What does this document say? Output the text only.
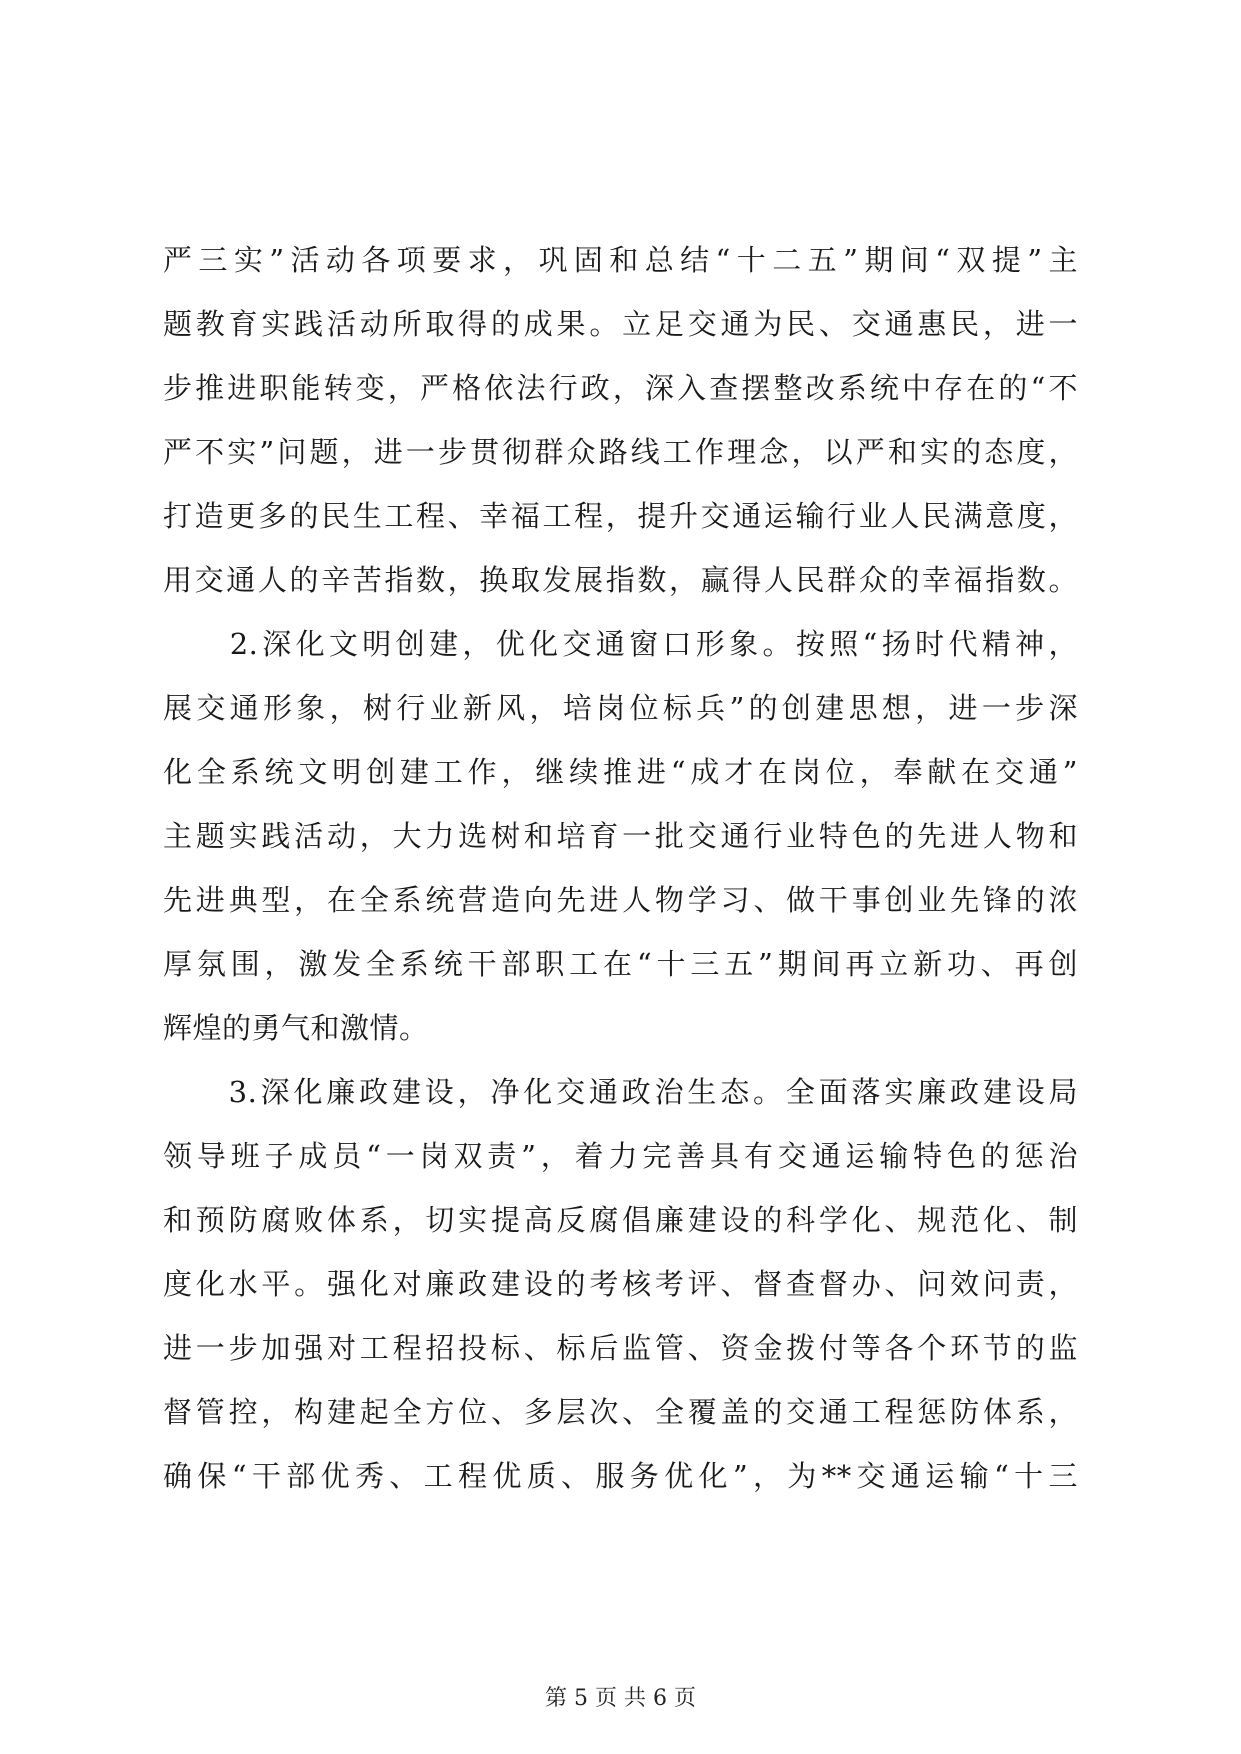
严三实”活动各项要求，巩固和总结“十二五”期间“双提”主
题教育实践活动所取得的成果。立足交通为民、交通惠民，进一
步推进职能转变，严格依法行政，深入查摆整改系统中存在的“不
严不实”问题，进一步贯彻群众路线工作理念，以严和实的态度，
打造更多的民生工程、幸福工程，提升交通运输行业人民满意度，
用交通人的辛苦指数，换取发展指数，赢得人民群众的幸福指数。

　　2.深化文明创建，优化交通窗口形象。按照“扬时代精神，
展交通形象，树行业新风，培岗位标兵”的创建思想，进一步深
化全系统文明创建工作，继续推进“成才在岗位，奉献在交通”
主题实践活动，大力选树和培育一批交通行业特色的先进人物和
先进典型，在全系统营造向先进人物学习、做干事创业先锋的浓
厚氛围，激发全系统干部职工在“十三五”期间再立新功、再创
辉煌的勇气和激情。

　　3.深化廉政建设，净化交通政治生态。全面落实廉政建设局
领导班子成员“一岗双责”，着力完善具有交通运输特色的惩治
和预防腐败体系，切实提高反腐倡廉建设的科学化、规范化、制
度化水平。强化对廉政建设的考核考评、督查督办、问效问责，
进一步加强对工程招投标、标后监管、资金拨付等各个环节的监
督管控，构建起全方位、多层次、全覆盖的交通工程惩防体系，
确保“干部优秀、工程优质、服务优化”，为**交通运输“十三

第 5 页 共 6 页
